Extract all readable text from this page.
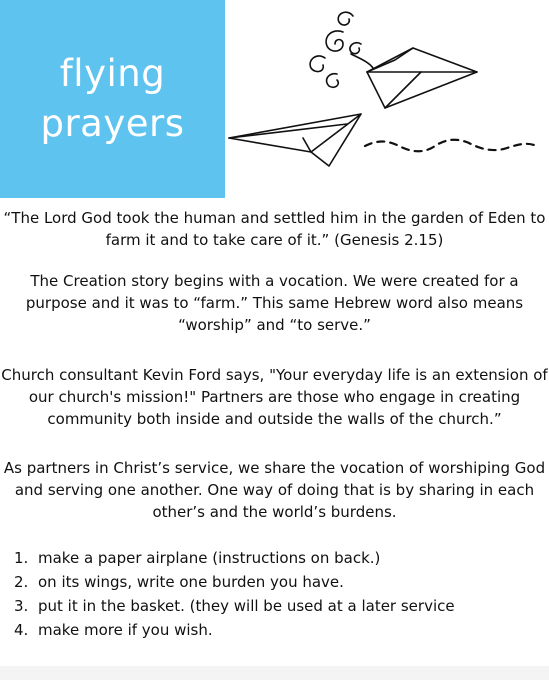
flying
prayers
“The Lord God took the human and settled him in the garden of Eden to
farm it and to take care of it.” (Genesis 2.15)
The Creation story begins with a vocation. We were created for a
purpose and it was to “farm.” This same Hebrew word also means
“worship” and “to serve.”
Church consultant Kevin Ford says, "Your everyday life is an extension of
our church's mission!" Partners are those who engage in creating
community both inside and outside the walls of the church.”
As partners in Christ’s service, we share the vocation of worshiping God
and serving one another. One way of doing that is by sharing in each
other’s and the world’s burdens.
1. make a paper airplane (instructions on back.)
2. on its wings, write one burden you have.
3. put it in the basket. (they will be used at a later service
4. make more if you wish.
